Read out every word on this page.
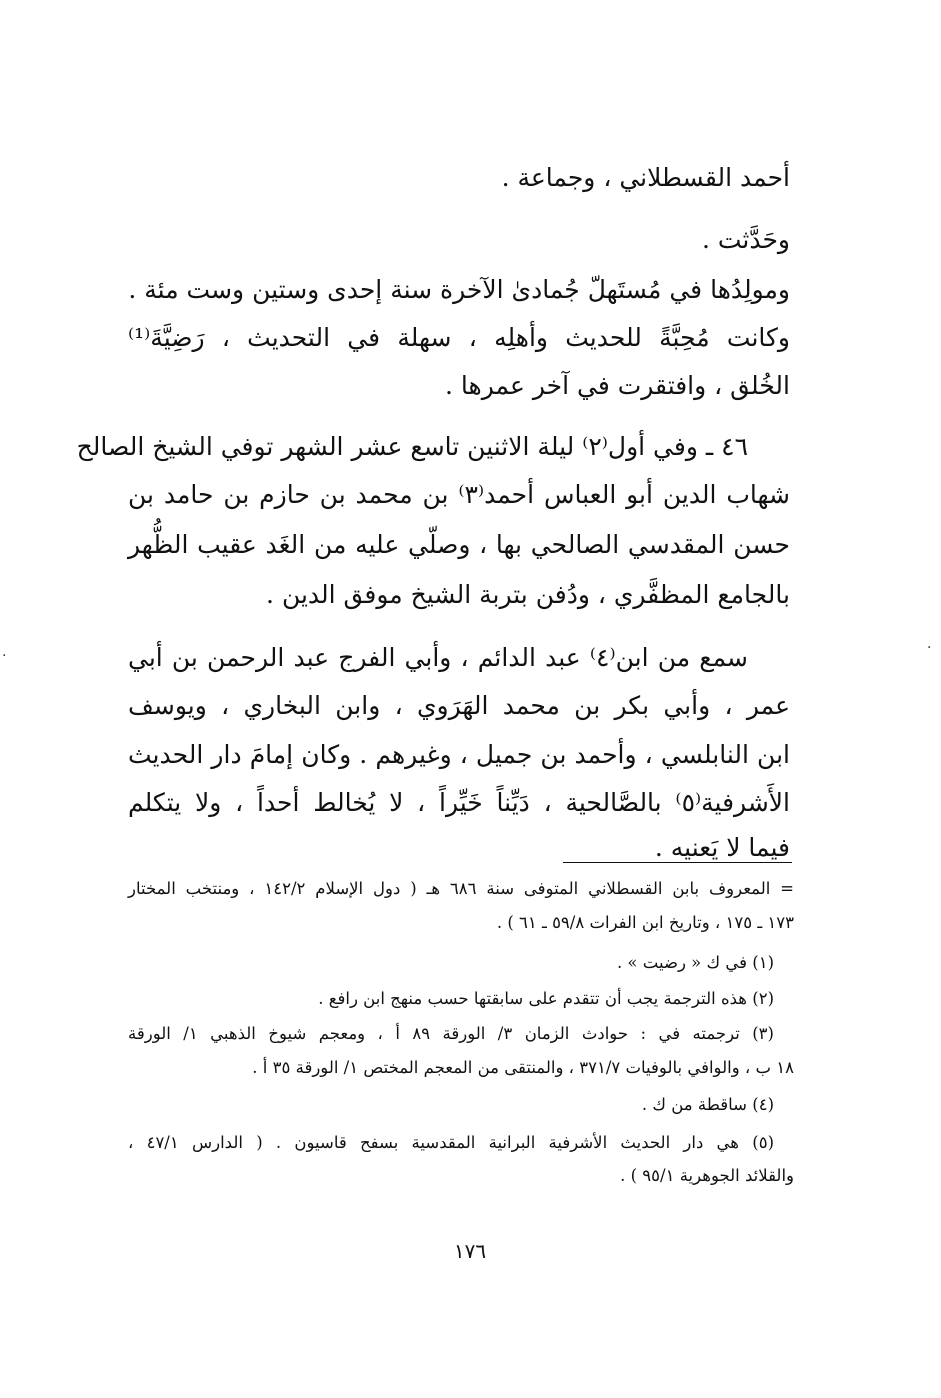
أحمد القسطلاني ، وجماعة .
وحَدَّثت .
ومولِدُها في مُستَهلّ جُمادىٰ الآخرة سنة إحدى وستين وست مئة .
وكانت مُحِبَّةً للحديث وأهلِه ، سهلة في التحديث ، رَضِيَّةَ⁽¹⁾
الخُلق ، وافتقرت في آخر عمرها .
٤٦ ـ وفي أول⁽٢⁾ ليلة الاثنين تاسع عشر الشهر توفي الشيخ الصالح
شهاب الدين أبو العباس أحمد⁽٣⁾ بن محمد بن حازم بن حامد بن
حسن المقدسي الصالحي بها ، وصلّي عليه من الغَد عقيب الظُّهر
بالجامع المظفَّري ، ودُفن بتربة الشيخ موفق الدين .
سمع من ابن⁽٤⁾ عبد الدائم ، وأبي الفرج عبد الرحمن بن أبي
عمر ، وأبي بكر بن محمد الهَرَوي ، وابن البخاري ، ويوسف
ابن النابلسي ، وأحمد بن جميل ، وغيرهم . وكان إمامَ دار الحديث
الأَشرفية⁽٥⁾ بالصَّالحية ، دَيِّناً خَيِّراً ، لا يُخالط أحداً ، ولا يتكلم
فيما لا يَعنيه .
= المعروف بابن القسطلاني المتوفى سنة ٦٨٦ هـ ( دول الإسلام ١٤٢/٢ ، ومنتخب المختار
١٧٣ ـ ١٧٥ ، وتاريخ ابن الفرات ٥٩/٨ ـ ٦١ ) .
(١) في ك « رضيت » .
(٢) هذه الترجمة يجب أن تتقدم على سابقتها حسب منهج ابن رافع .
(٣) ترجمته في : حوادث الزمان ٣/ الورقة ٨٩ أ ، ومعجم شيوخ الذهبي ١/ الورقة
١٨ ب ، والوافي بالوفيات ٣٧١/٧ ، والمنتقى من المعجم المختص ١/ الورقة ٣٥ أ .
(٤) ساقطة من ك .
(٥) هي دار الحديث الأشرفية البرانية المقدسية بسفح قاسيون . ( الدارس ٤٧/١ ،
والقلائد الجوهرية ٩٥/١ ) .
١٧٦
·	·
